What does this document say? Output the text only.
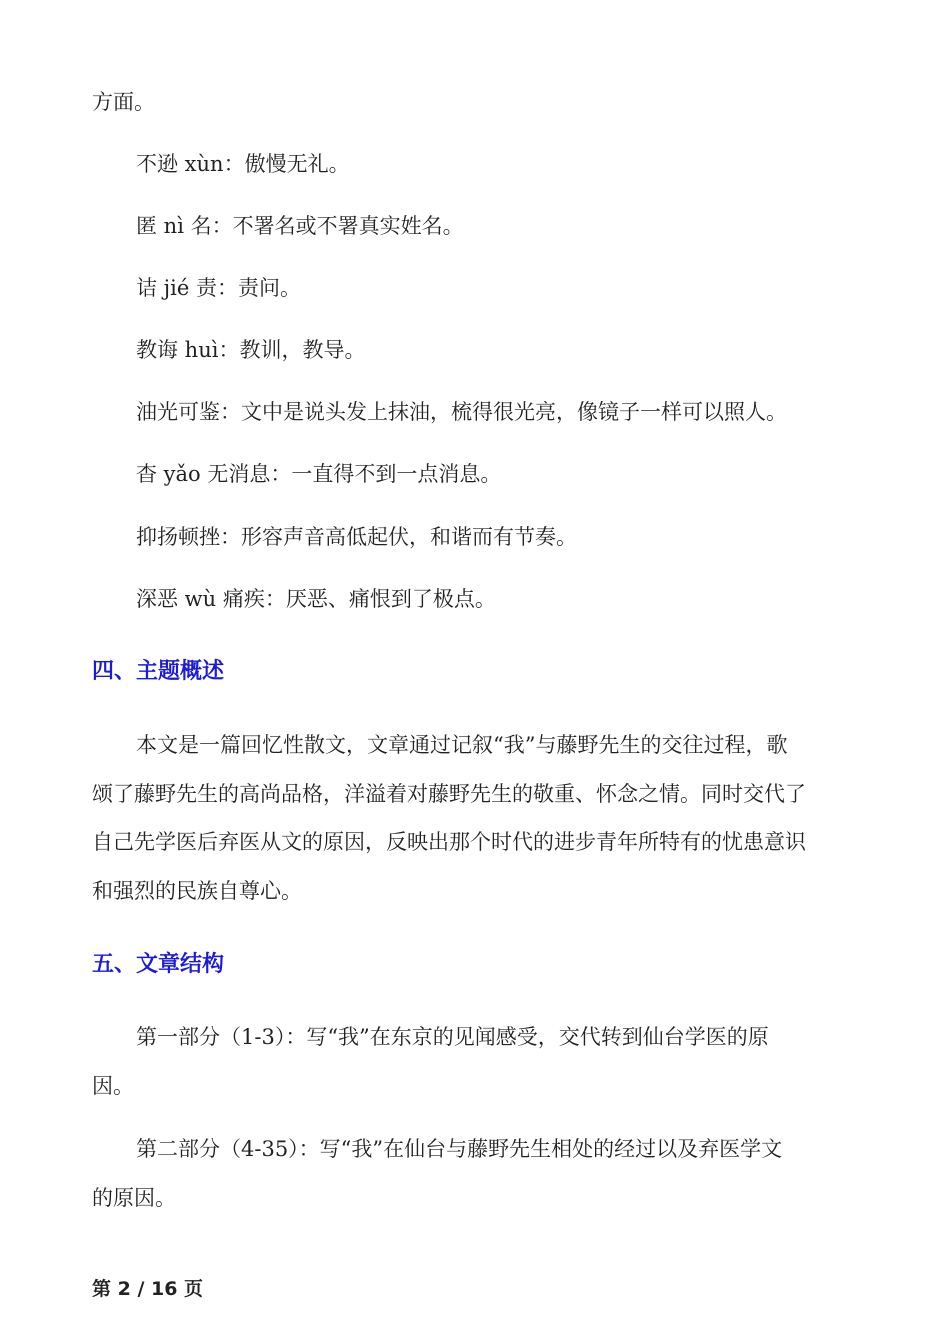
方面。
不逊 xùn：傲慢无礼。
匿 nì 名：不署名或不署真实姓名。
诘 jié 责：责问。
教诲 huì：教训，教导。
油光可鉴：文中是说头发上抹油，梳得很光亮，像镜子一样可以照人。
杳 yǎo 无消息：一直得不到一点消息。
抑扬顿挫：形容声音高低起伏，和谐而有节奏。
深恶 wù 痛疾：厌恶、痛恨到了极点。
四、主题概述
本文是一篇回忆性散文，文章通过记叙“我”与藤野先生的交往过程，歌
颂了藤野先生的高尚品格，洋溢着对藤野先生的敬重、怀念之情。同时交代了
自己先学医后弃医从文的原因，反映出那个时代的进步青年所特有的忧患意识
和强烈的民族自尊心。
五、文章结构
第一部分（1-3）：写“我”在东京的见闻感受，交代转到仙台学医的原
因。
第二部分（4-35）：写“我”在仙台与藤野先生相处的经过以及弃医学文
的原因。
第 2 / 16 页
